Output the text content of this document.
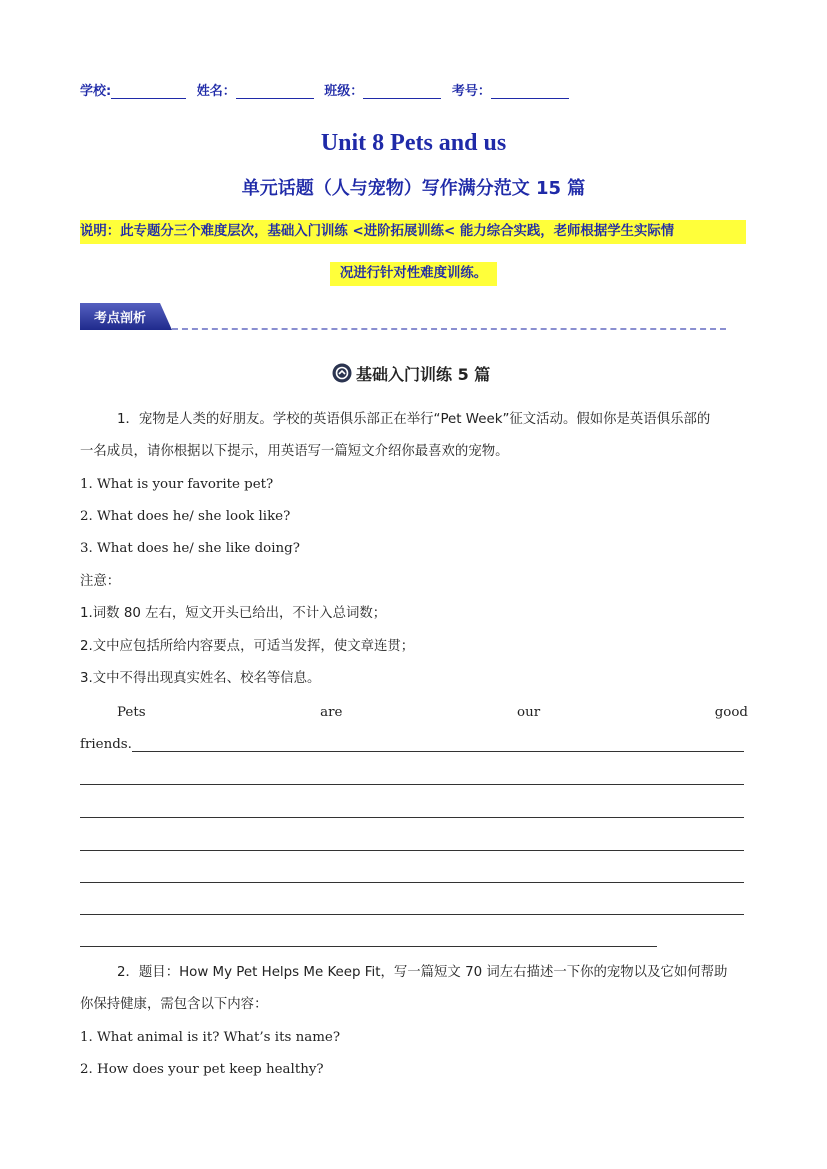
学校:	姓名：	班级：	考号：
Unit 8 Pets and us
单元话题（人与宠物）写作满分范文 15 篇
说明：此专题分三个难度层次，基础入门训练 <进阶拓展训练< 能力综合实践，老师根据学生实际情
况进行针对性难度训练。
考点剖析
基础入门训练 5 篇
1．宠物是人类的好朋友。学校的英语俱乐部正在举行“Pet Week”征文活动。假如你是英语俱乐部的
一名成员，请你根据以下提示，用英语写一篇短文介绍你最喜欢的宠物。
1. What is your favorite pet?
2. What does he/ she look like?
3. What does he/ she like doing?
注意：
1.词数 80 左右，短文开头已给出，不计入总词数；
2.文中应包括所给内容要点，可适当发挥，使文章连贯；
3.文中不得出现真实姓名、校名等信息。
Pets	are	our	good
friends.
2．题目：How My Pet Helps Me Keep Fit，写一篇短文 70 词左右描述一下你的宠物以及它如何帮助
你保持健康，需包含以下内容：
1. What animal is it? What’s its name?
2. How does your pet keep healthy?
